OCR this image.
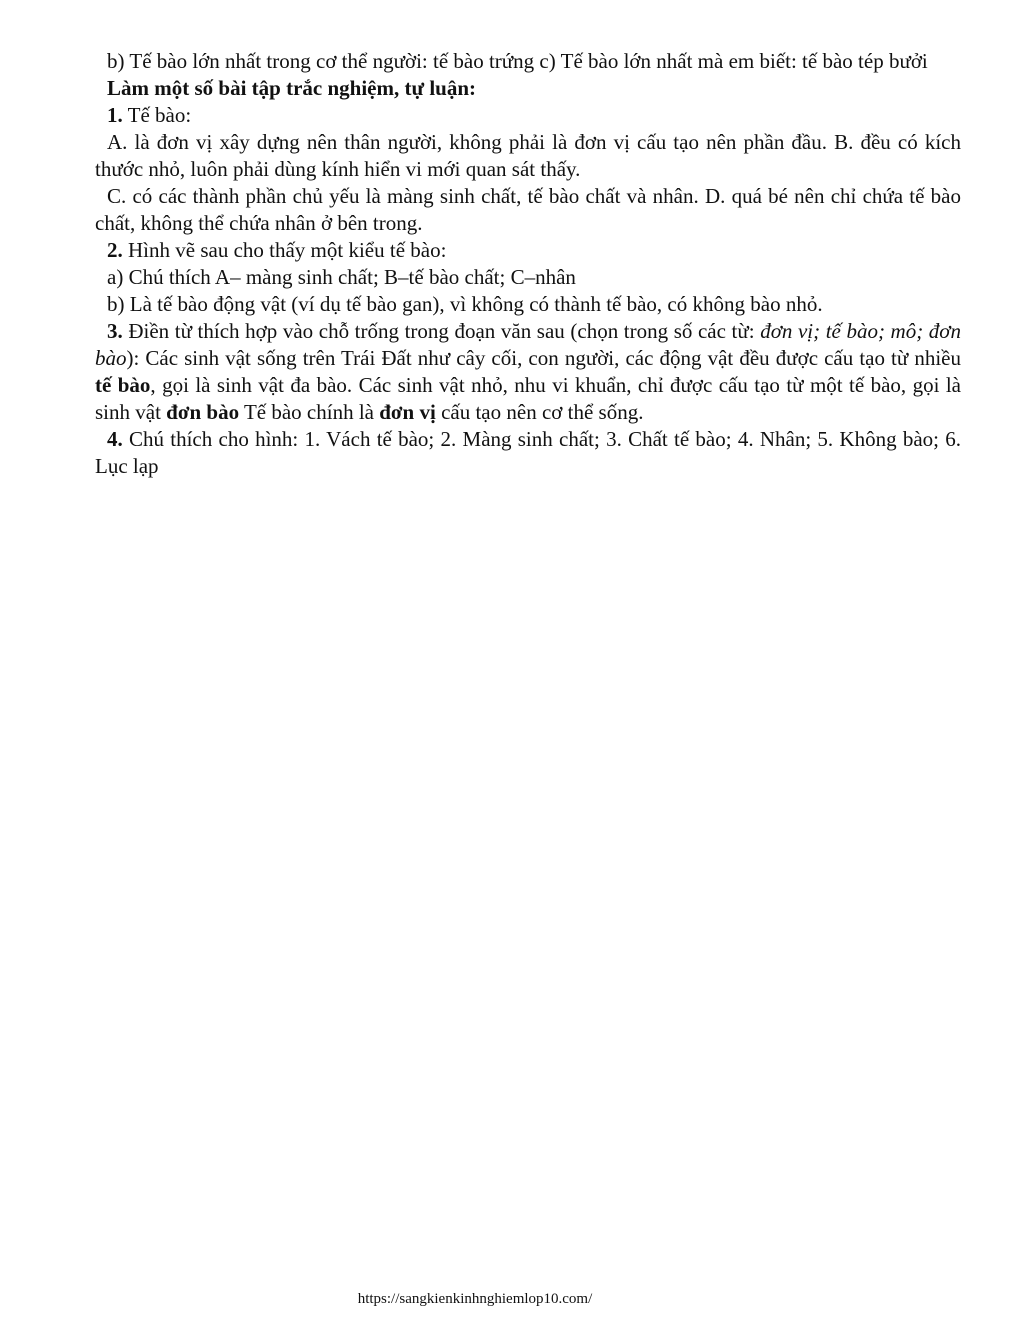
b) Tế bào lớn nhất trong cơ thể người: tế bào trứng c) Tế bào lớn nhất mà em biết: tế bào tép bưởi

Làm một số bài tập trắc nghiệm, tự luận:

1. Tế bào:

A. là đơn vị xây dựng nên thân người, không phải là đơn vị cấu tạo nên phần đầu. B. đều có kích thước nhỏ, luôn phải dùng kính hiển vi mới quan sát thấy.

C. có các thành phần chủ yếu là màng sinh chất, tế bào chất và nhân. D. quá bé nên chỉ chứa tế bào chất, không thể chứa nhân ở bên trong.

2. Hình vẽ sau cho thấy một kiểu tế bào:

a) Chú thích A– màng sinh chất; B–tế bào chất; C–nhân

b) Là tế bào động vật (ví dụ tế bào gan), vì không có thành tế bào, có không bào nhỏ.

3. Điền từ thích hợp vào chỗ trống trong đoạn văn sau (chọn trong số các từ: đơn vị; tế bào; mô; đơn bào): Các sinh vật sống trên Trái Đất như cây cối, con người, các động vật đều được cấu tạo từ nhiều tế bào, gọi là sinh vật đa bào. Các sinh vật nhỏ, nhu vi khuẩn, chỉ được cấu tạo từ một tế bào, gọi là sinh vật đơn bào Tế bào chính là đơn vị cấu tạo nên cơ thể sống.

4. Chú thích cho hình: 1. Vách tế bào; 2. Màng sinh chất; 3. Chất tế bào; 4. Nhân; 5. Không bào; 6. Lục lạp

https://sangkienkinhnghiemlop10.com/
